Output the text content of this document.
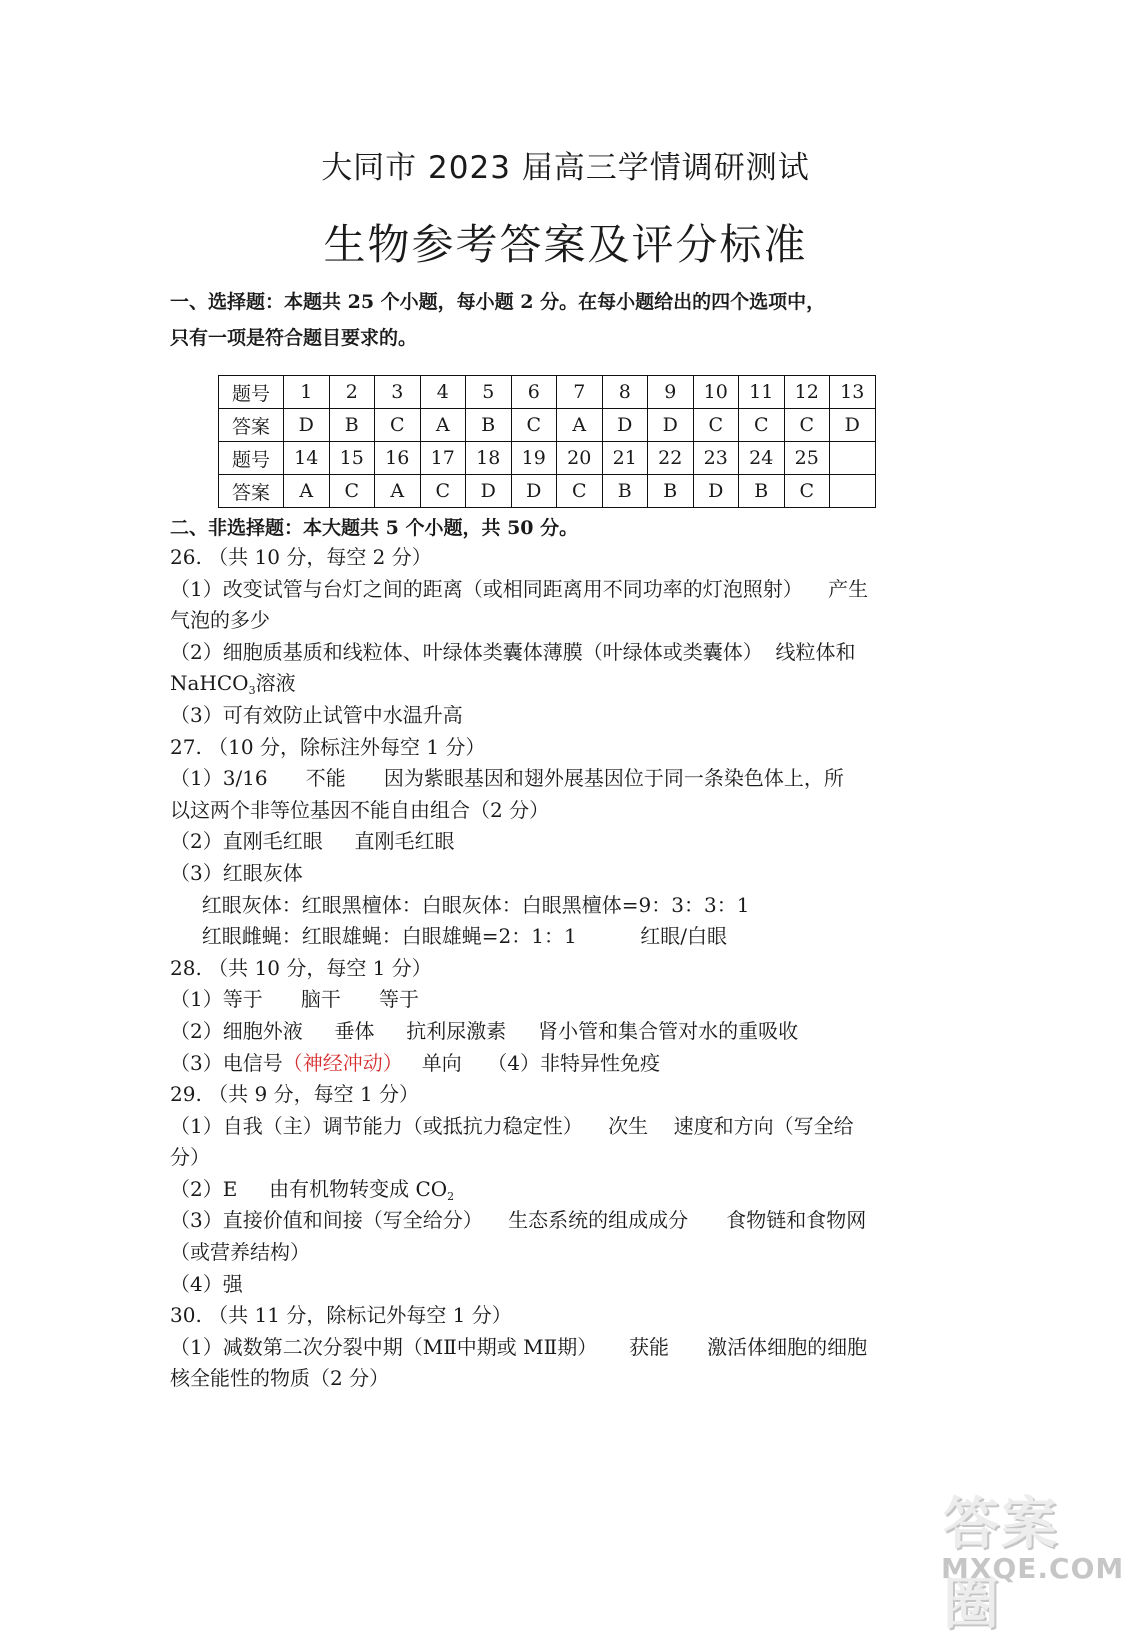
大同市 2023 届高三学情调研测试
生物参考答案及评分标准
一、选择题：本题共 25 个小题，每小题 2 分。在每小题给出的四个选项中，
只有一项是符合题目要求的。
题号	1	2	3	4	5	6	7	8	9	10	11	12	13
答案	D	B	C	A	B	C	A	D	D	C	C	C	D
题号	14	15	16	17	18	19	20	21	22	23	24	25	
答案	A	C	A	C	D	D	C	B	B	D	B	C	
二、非选择题：本大题共 5 个小题，共 50 分。
26. （共 10 分，每空 2 分）
（1）改变试管与台灯之间的距离（或相同距离用不同功率的灯泡照射）    产生
气泡的多少
（2）细胞质基质和线粒体、叶绿体类囊体薄膜（叶绿体或类囊体）  线粒体和
NaHCO$_3$溶液
（3）可有效防止试管中水温升高
27. （10 分，除标注外每空 1 分）
（1）3/16      不能      因为紫眼基因和翅外展基因位于同一条染色体上，所
以这两个非等位基因不能自由组合（2 分）
（2）直刚毛红眼     直刚毛红眼
（3）红眼灰体
红眼灰体：红眼黑檀体：白眼灰体：白眼黑檀体=9：3：3：1
红眼雌蝇：红眼雄蝇：白眼雄蝇=2：1：1          红眼/白眼
28. （共 10 分，每空 1 分）
（1）等于      脑干      等于
（2）细胞外液     垂体     抗利尿激素     肾小管和集合管对水的重吸收
（3）电信号（神经冲动）   单向    （4）非特异性免疫
29. （共 9 分，每空 1 分）
（1）自我（主）调节能力（或抵抗力稳定性）    次生    速度和方向（写全给
分）
（2）E     由有机物转变成 $CO_2$
（3）直接价值和间接（写全给分）    生态系统的组成成分      食物链和食物网
（或营养结构）
（4）强
30. （共 11 分，除标记外每空 1 分）
（1）减数第二次分裂中期（MⅡ中期或 MⅡ期）     获能      激活体细胞的细胞
核全能性的物质（2 分）
答案圈
MXQE.COM
